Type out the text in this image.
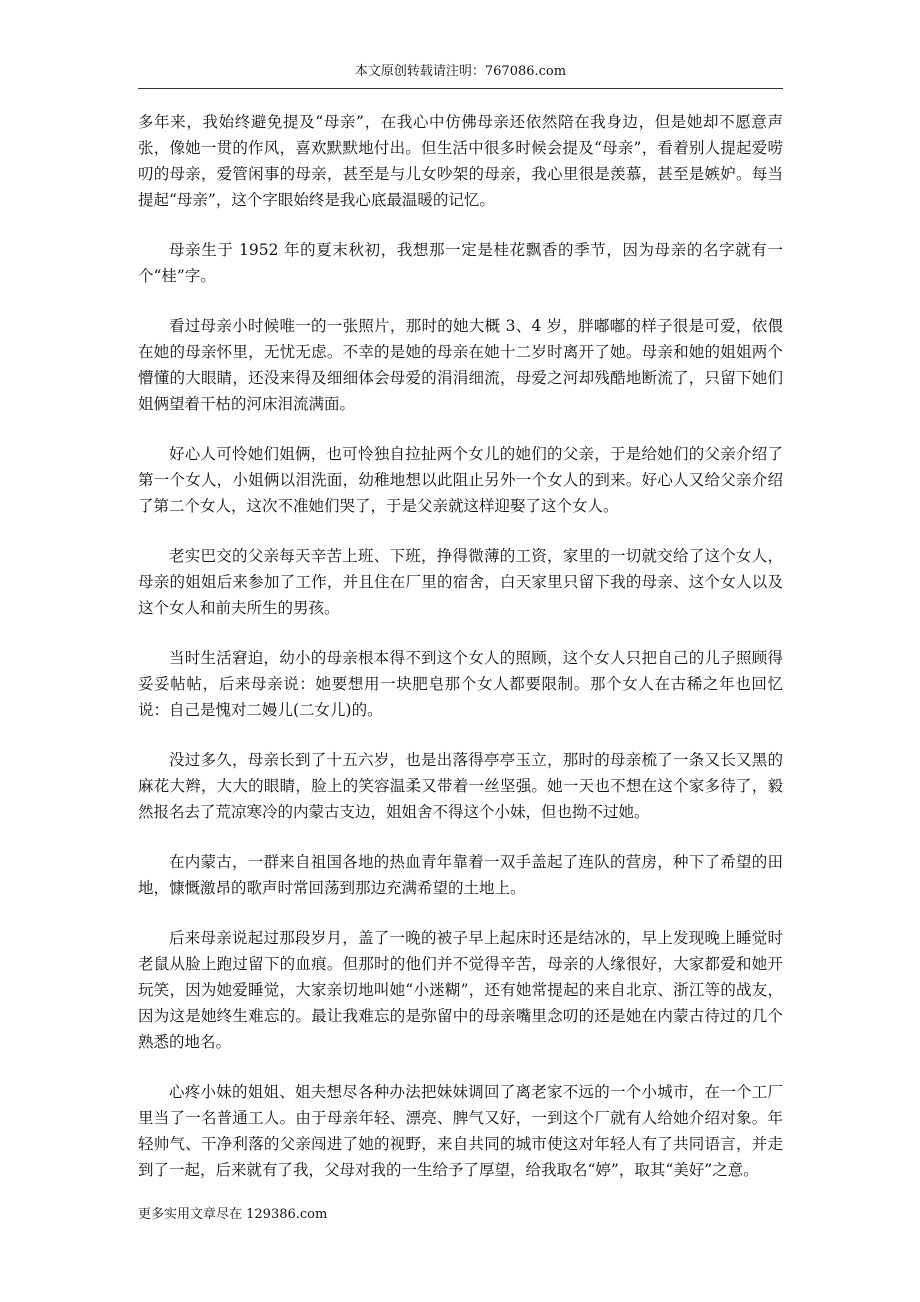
本文原创转载请注明：767086.com

多年来，我始终避免提及“母亲”，在我心中仿佛母亲还依然陪在我身边，但是她却不愿意声张，像她一贯的作风，喜欢默默地付出。但生活中很多时候会提及“母亲”，看着别人提起爱唠叨的母亲，爱管闲事的母亲，甚至是与儿女吵架的母亲，我心里很是羡慕，甚至是嫉妒。每当提起“母亲”，这个字眼始终是我心底最温暖的记忆。

母亲生于 1952 年的夏末秋初，我想那一定是桂花飘香的季节，因为母亲的名字就有一个“桂”字。

看过母亲小时候唯一的一张照片，那时的她大概 3、4 岁，胖嘟嘟的样子很是可爱，依偎在她的母亲怀里，无忧无虑。不幸的是她的母亲在她十二岁时离开了她。母亲和她的姐姐两个懵懂的大眼睛，还没来得及细细体会母爱的涓涓细流，母爱之河却残酷地断流了，只留下她们姐俩望着干枯的河床泪流满面。

好心人可怜她们姐俩，也可怜独自拉扯两个女儿的她们的父亲，于是给她们的父亲介绍了第一个女人，小姐俩以泪洗面，幼稚地想以此阻止另外一个女人的到来。好心人又给父亲介绍了第二个女人，这次不准她们哭了，于是父亲就这样迎娶了这个女人。

老实巴交的父亲每天辛苦上班、下班，挣得微薄的工资，家里的一切就交给了这个女人，母亲的姐姐后来参加了工作，并且住在厂里的宿舍，白天家里只留下我的母亲、这个女人以及这个女人和前夫所生的男孩。

当时生活窘迫，幼小的母亲根本得不到这个女人的照顾，这个女人只把自己的儿子照顾得妥妥帖帖，后来母亲说：她要想用一块肥皂那个女人都要限制。那个女人在古稀之年也回忆说：自己是愧对二嫚儿(二女儿)的。

没过多久，母亲长到了十五六岁，也是出落得亭亭玉立，那时的母亲梳了一条又长又黑的麻花大辫，大大的眼睛，脸上的笑容温柔又带着一丝坚强。她一天也不想在这个家多待了，毅然报名去了荒凉寒冷的内蒙古支边，姐姐舍不得这个小妹，但也拗不过她。

在内蒙古，一群来自祖国各地的热血青年靠着一双手盖起了连队的营房，种下了希望的田地，慷慨激昂的歌声时常回荡到那边充满希望的土地上。

后来母亲说起过那段岁月，盖了一晚的被子早上起床时还是结冰的，早上发现晚上睡觉时老鼠从脸上跑过留下的血痕。但那时的他们并不觉得辛苦，母亲的人缘很好，大家都爱和她开玩笑，因为她爱睡觉，大家亲切地叫她“小迷糊”，还有她常提起的来自北京、浙江等的战友，因为这是她终生难忘的。最让我难忘的是弥留中的母亲嘴里念叨的还是她在内蒙古待过的几个熟悉的地名。

心疼小妹的姐姐、姐夫想尽各种办法把妹妹调回了离老家不远的一个小城市，在一个工厂里当了一名普通工人。由于母亲年轻、漂亮、脾气又好，一到这个厂就有人给她介绍对象。年轻帅气、干净利落的父亲闯进了她的视野，来自共同的城市使这对年轻人有了共同语言，并走到了一起，后来就有了我，父母对我的一生给予了厚望，给我取名“婷”，取其“美好”之意。

更多实用文章尽在 129386.com
